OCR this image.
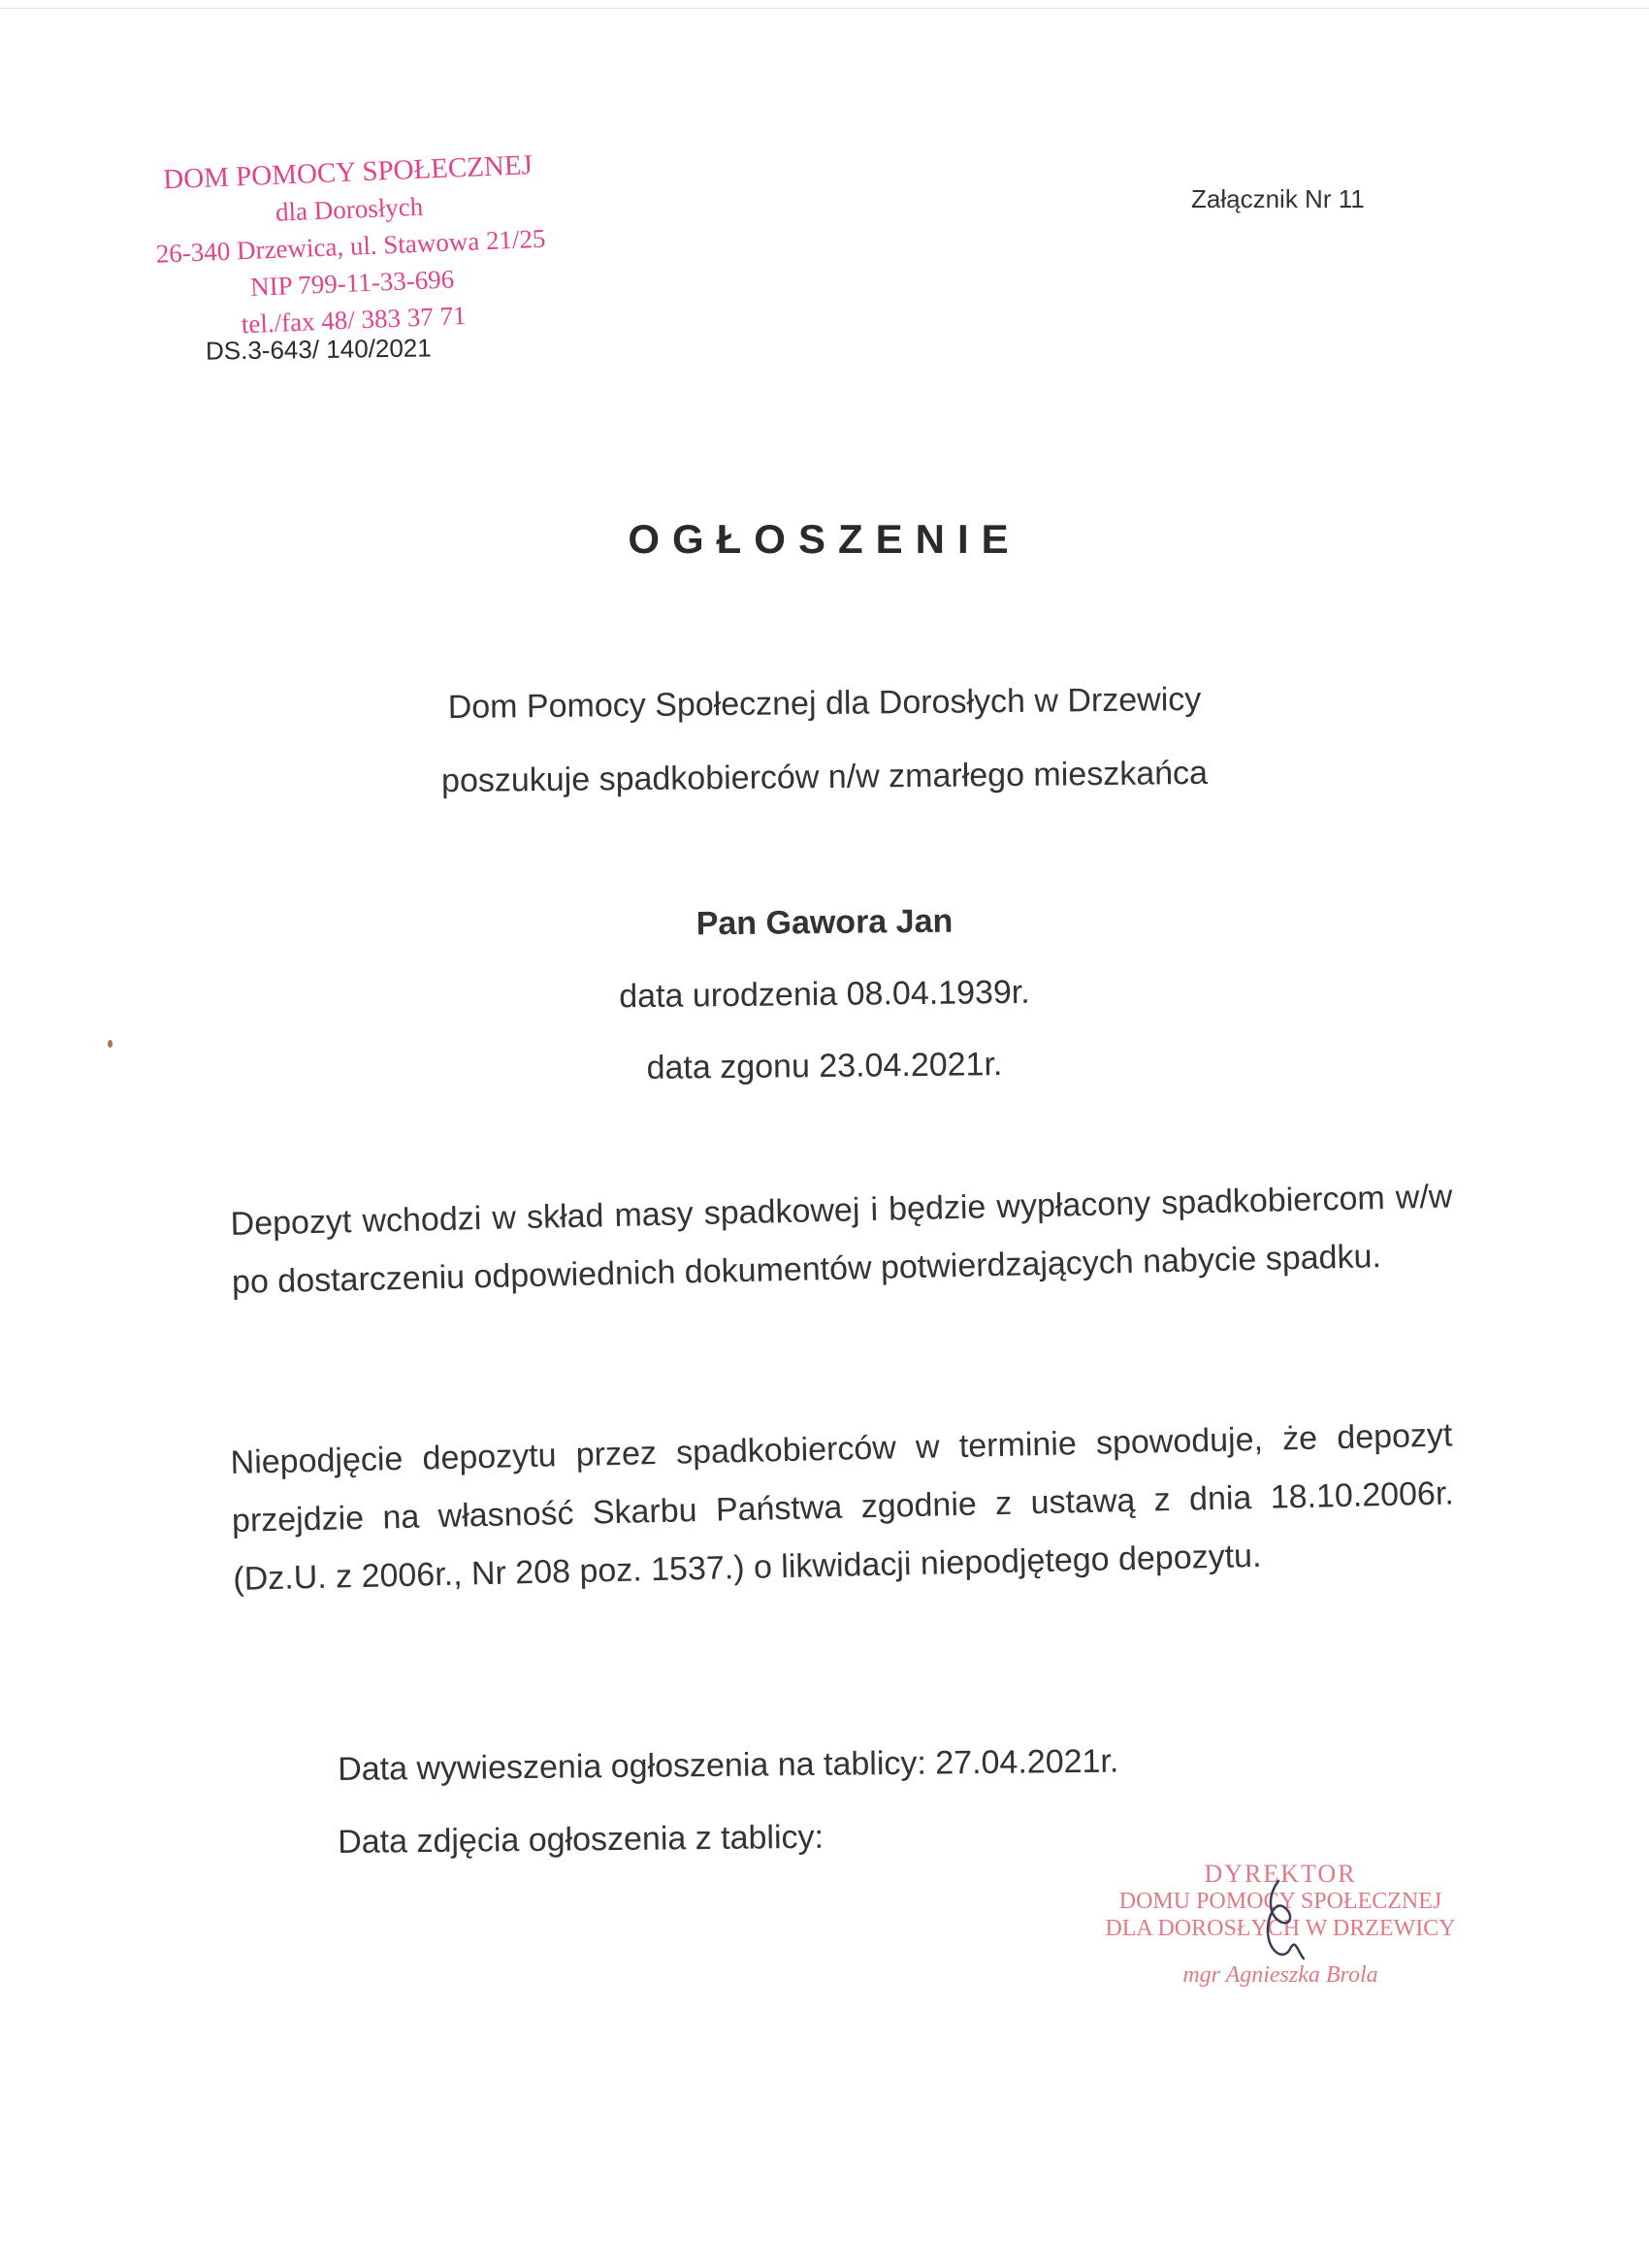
DOM POMOCY SPOŁECZNEJ
dla Dorosłych
26-340 Drzewica, ul. Stawowa 21/25
NIP 799-11-33-696
tel./fax 48/ 383 37 71
DS.3-643/ 140/2021
Załącznik Nr 11
OGŁOSZENIE
Dom Pomocy Społecznej dla Dorosłych w Drzewicy
poszukuje spadkobierców n/w zmarłego mieszkańca
Pan Gawora Jan
data urodzenia 08.04.1939r.
data zgonu 23.04.2021r.
Depozyt wchodzi w skład masy spadkowej i będzie wypłacony spadkobiercom w/w po dostarczeniu odpowiednich dokumentów potwierdzających nabycie spadku.
Niepodjęcie depozytu przez spadkobierców w terminie spowoduje, że depozyt przejdzie na własność Skarbu Państwa zgodnie z ustawą z dnia 18.10.2006r. (Dz.U. z 2006r., Nr 208 poz. 1537.) o likwidacji niepodjętego depozytu.
Data wywieszenia ogłoszenia na tablicy: 27.04.2021r.
Data zdjęcia ogłoszenia z tablicy:
DYREKTOR
DOMU POMOCY SPOŁECZNEJ
DLA DOROSŁYCH W DRZEWICY
mgr Agnieszka Brola
